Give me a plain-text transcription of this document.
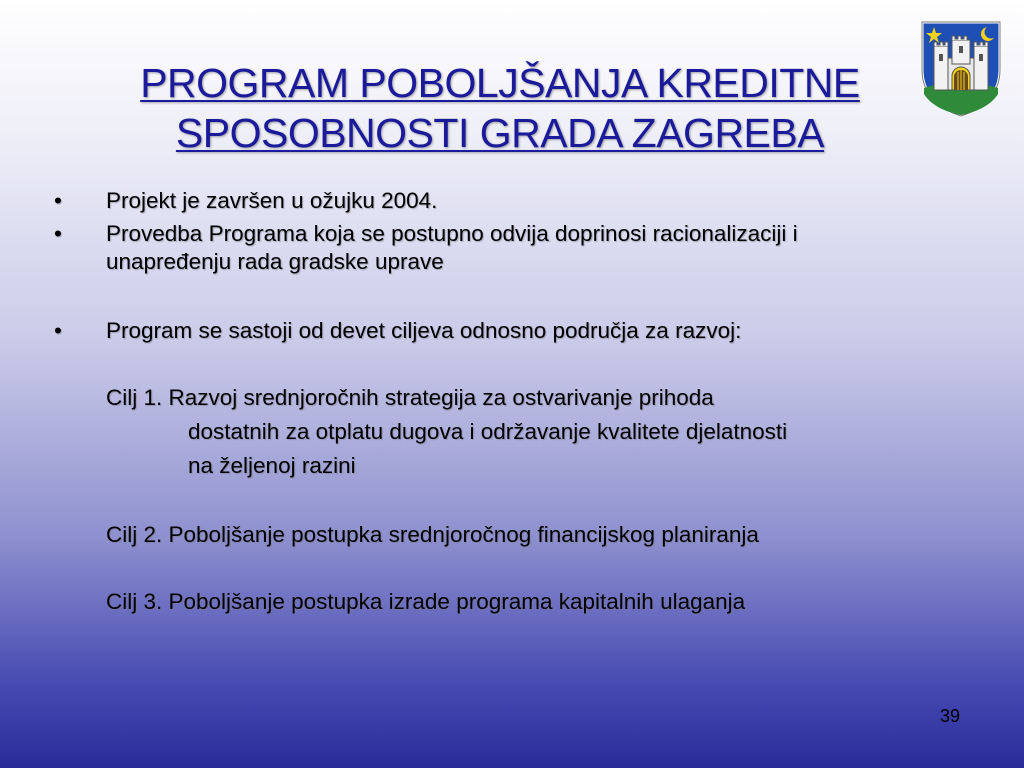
PROGRAM POBOLJŠANJA KREDITNE
SPOSOBNOSTI GRADA ZAGREBA
• Projekt je završen u ožujku 2004.
• Provedba Programa koja se postupno odvija doprinosi racionalizaciji i
unapređenju rada gradske uprave
• Program se sastoji od devet ciljeva odnosno područja za razvoj:
Cilj 1. Razvoj srednjoročnih strategija za ostvarivanje prihoda
dostatnih za otplatu dugova i održavanje kvalitete djelatnosti
na željenoj razini
Cilj 2. Poboljšanje postupka srednjoročnog financijskog planiranja
Cilj 3. Poboljšanje postupka izrade programa kapitalnih ulaganja
39
